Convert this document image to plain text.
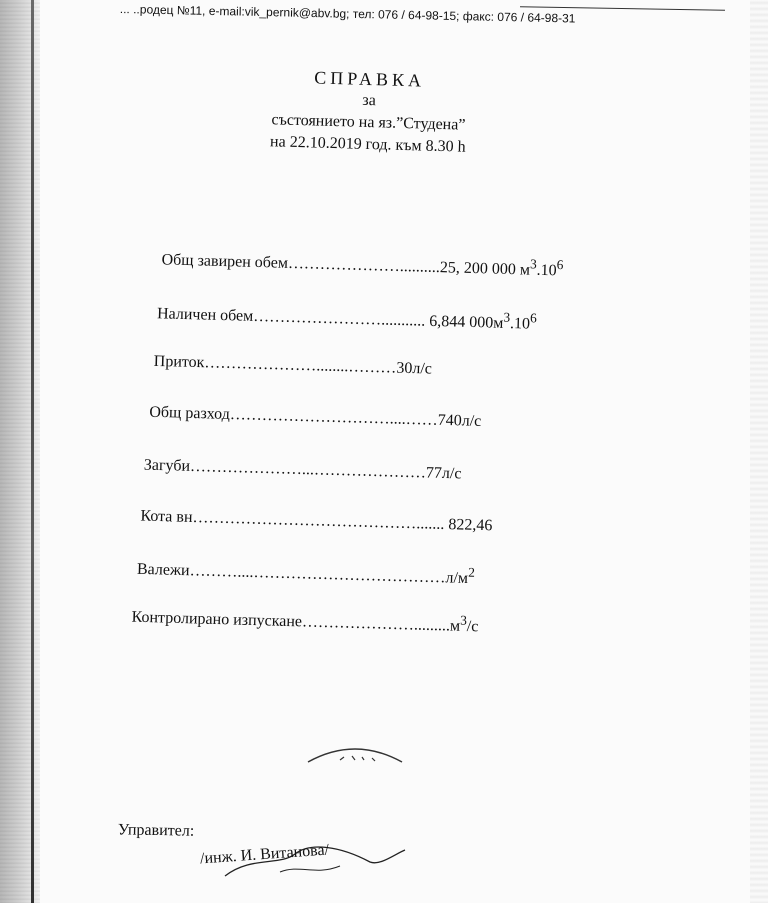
... ..родец №11, e-mail:vik_pernik@abv.bg; тел: 076 / 64-98-15; факс: 076 / 64-98-31
СПРАВКА
за
състоянието на яз.”Студена”
на 22.10.2019 год. към 8.30 h
Общ завирен обем…………………..........25, 200 000 $м^3.10^6$
Наличен обем……………………........... 6,844 $000м^3.10^6$
Приток…………………........………30л/с
Общ разход…………………………....……740л/с
Загуби…………………...…………………77л/с
Кота вн……………………………………....... 822,46
$Валежи\dots\dots\dots....\dots\dots\dots\dots\dots\dots\dots\dots\dots\dots\dots\dots л/м^2$
Контролирано $изпускане\dots\dots\dots\dots\dots\dots\dots.........м^3/с$
Управител:
/инж. И. Витанова/
